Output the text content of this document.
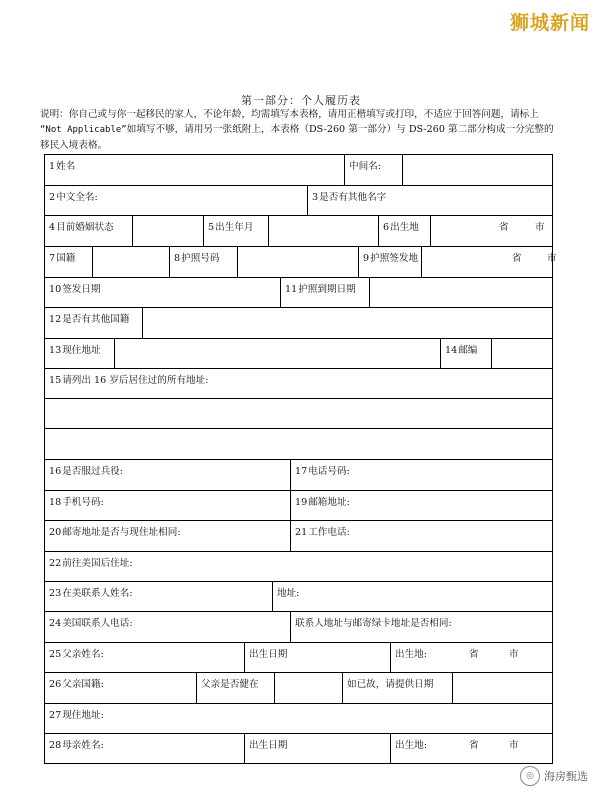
狮城新闻
第一部分：个人履历表
说明：你自己或与你一起移民的家人，不论年龄，均需填写本表格，请用正楷填写或打印，不适应于回答问题，请标上
“Not Applicable”如填写不够，请用另一张纸附上，本表格（DS-260 第一部分）与 DS-260 第二部分构成一分完整的移民入境表格。
1姓名	中间名:
2中文全名:	3是否有其他名字
4目前婚姻状态	5出生年月	6出生地	省	市
7国籍	8护照号码	9护照签发地	省	市
10签发日期	11护照到期日期
12是否有其他国籍
13现住地址	14邮编
15请列出 16 岁后居住过的所有地址:
16是否服过兵役:	17电话号码:
18手机号码:	19邮箱地址:
20邮寄地址是否与现住址相同:	21工作电话:
22前往美国后住址:
23在美联系人姓名:	地址:
24美国联系人电话:	联系人地址与邮寄绿卡地址是否相同:
25父亲姓名:	出生日期	出生地:	省	市
26父亲国籍:	父亲是否健在	如已故，请提供日期
27现住地址:
28母亲姓名:	出生日期	出生地:	省	市
◎ 海房甄选
